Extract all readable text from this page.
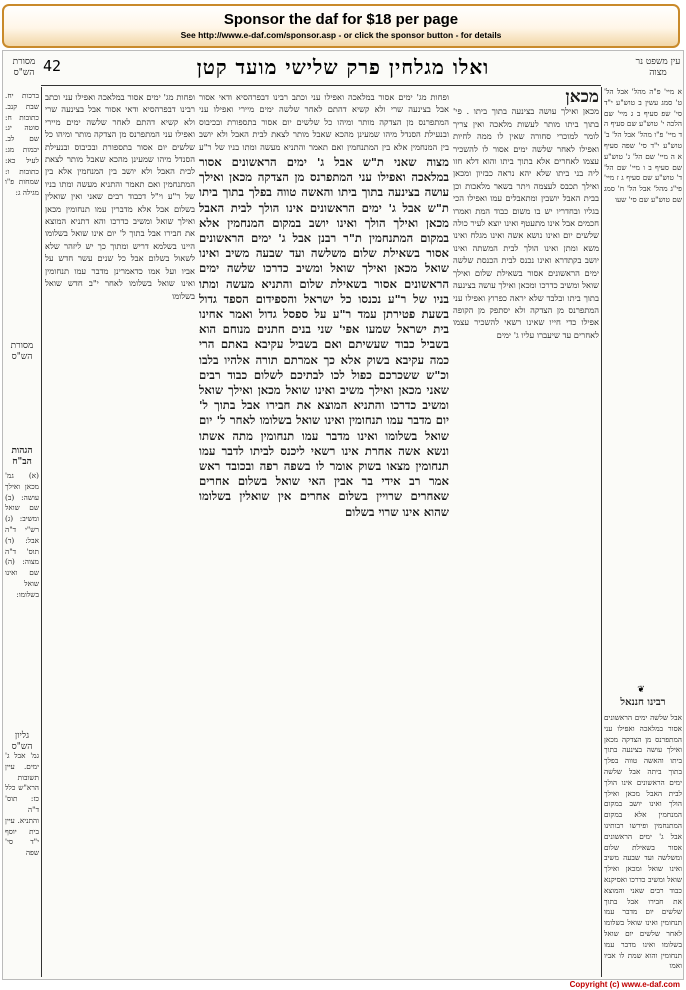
Sponsor the daf for $18 per page
See http://www.e-daf.com/sponsor.asp - or click the sponsor button - for details
מסורת הש"ס 42	ואלו מגלחין פרק שלישי מועד קטן	עין משפט נר מצוה

ברכות יח. שבת קנב. כתובות ח: סוטה יג: שם לב. יבמות מג: לעיל כא: כתובות ו: שמחות פ"ו מגילה ג:

מסורת הש"ס
הגהות הב"ח

(א) גמ' מכאן ואילך עושה: (ב) שם שואל ומשיב: (ג) רש"י ד"ה אבל: (ד) תוס' ד"ה מצוה: (ה) שם ואינו שואל בשלומו:

גליון הש"ס

גמ' אבל ג' ימים. עיין תשובות הרא"ש כלל כז: תוס' ד"ה והתניא. עיין בית יוסף י"ד סי' שפה

ופחות מג' ימים אסור במלאכה ואפילו עני וכתב רבינו דבפרהסיא ודאי אסור אבל בצינעה שרי ולא קשיא דהתם לאחר שלשה ימים מיירי ואפילו עני המתפרנס מן הצדקה מותר ומיהו כל שלשים יום אסור בתספורת ובכיבוס ובנעילת הסנדל מיהו שמעינן מהכא שאבל מותר לצאת לבית האבל ולא יושב בין המנחמין אלא בין המתנחמין ואם תאמר והתניא מעשה ומתו בניו של ר"ע וי"ל דכבוד רבים שאני ואין שואלין בשלום אבל אלא מדברין עמו תנחומין מכאן ואילך שואל ומשיב כדרכו והא דתניא המוצא את חבירו אבל בתוך ל' יום אינו שואל בשלומו היינו בשלמא דריש ומתוך כך יש ליזהר שלא לשאול בשלום אבל כל שנים עשר חדש על אביו ועל אמו כדאמרינן מדבר עמו תנחומין ואינו שואל בשלומו לאחר י"ב חדש שואל בשלומו

ופחות מג' ימים אסור במלאכה ואפילו עני וכתב רבינו דבפרהסיא ודאי אסור אבל בצינעה שרי ולא קשיא דהתם לאחר שלשה ימים מיירי ואפילו עני המתפרנס מן הצדקה מותר ומיהו כל שלשים יום אסור בתספורת ובכיבוס ובנעילת הסנדל מיהו שמעינן מהכא שאבל מותר לצאת לבית האבל ולא יושב בין המנחמין אלא בין המתנחמין ואם תאמר והתניא מעשה ומתו בניו של ר"ע

מצוה שאני ת"ש אבל ג' ימים הראשונים אסור במלאכה ואפילו עני המתפרנס מן הצדקה מכאן ואילך עושה בצינעה בתוך ביתו והאשה טווה בפלך בתוך ביתו ת"ש אבל ג' ימים הראשונים אינו הולך לבית האבל מכאן ואילך הולך ואינו יושב במקום המנחמין אלא במקום המתנחמין ת"ר רבנן אבל ג' ימים הראשונים אסור בשאילת שלום משלשה ועד שבעה משיב ואינו שואל מכאן ואילך שואל ומשיב כדרכו שלשה ימים הראשונים אסור בשאילת שלום והתניא מעשה ומתו בניו של ר"ע נכנסו כל ישראל והספידום הספד גדול בשעת פטירתן עמד ר"ע על ספסל גדול ואמר אחינו בית ישראל שמעו אפי' שני בנים חתנים מנוחם הוא בשביל כבוד שעשיתם ואם בשביל עקיבא באתם הרי כמה עקיבא בשוק אלא כך אמרתם תורה אלהיו בלבו וכ"ש ששכרכם כפול לכו לבתיכם לשלום כבוד רבים שאני מכאן ואילך משיב ואינו שואל מכאן ואילך שואל ומשיב כדרכו והתניא המוצא את חבירו אבל בתוך ל' יום מדבר עמו תנחומין ואינו שואל בשלומו לאחר ל' יום שואל בשלומו ואינו מדבר עמו תנחומין מתה אשתו ונשא אשה אחרת אינו רשאי ליכנס לביתו לדבר עמו תנחומין מצאו בשוק אומר לו בשפה רפה ובכובד ראש אמר רב אידי בר אבין האי שואל בשלום אחרים שאחרים שרויין בשלום אחרים אין שואלין בשלומו שהוא אינו שרוי בשלום

מכאן

מכאן ואילך עושה בצינעה בתוך ביתו . פי' בתוך ביתו מותר לעשות מלאכה ואין צריך לומר למוכרי סחורה שאין לו ממה לחיות ואפילו לאחר שלשה ימים אסור לו להשכיר עצמו לאחרים אלא בתוך ביתו והוא דלא חזו ליה בני ביתו שלא יהא נראה כבזיון ומכאן ואילך תכבס לעצמה ויתר בשאר מלאכות וכן בבית האבל יושבין ומתאבלים עמו ואפילו הכי בגליו ובחדריו יש בו משום כבוד המת ואמרו חכמים אבל אינו מתעטף ואינו יוצא לעיר כולה שלשים יום ואינו נושא אשה ואינו מגלח ואינו משא ומתן ואינו הולך לבית המשתה ואינו יושב בקתדרא ואינו נכנס לבית הכנסת שלשה ימים הראשונים אסור בשאילת שלום ואילך שואל ומשיב כדרכו ומכאן ואילך עושה בצינעה בתוך ביתו ובלבד שלא יראה כפרוץ ואפילו עני המתפרנס מן הצדקה ולא יסתפק מן הקופה אפילו כדי חייו שאינו רשאי להשכיר עצמו לאחרים עד שיעברו עליו ג' ימים

א מיי' פ"ה מהל' אבל הל' ט' סמג עשין ב טוש"ע י"ד סי' שפ סעיף ב ג מיי' שם הלכה י' טוש"ע שם סעיף ה ד מיי' פ"ו מהל' אבל הל' ב' טוש"ע י"ד סי' שפה סעיף א ה מיי' שם הל' ג' טוש"ע שם סעיף ב ו מיי' שם הל' ד' טוש"ע שם סעיף ג ז מיי' פי"ג מהל' אבל הל' ח' סמג שם טוש"ע שם סי' שעו

❦
רבינו חננאל

אבל שלשה ימים הראשונים אסור במלאכה ואפילו עני המתפרנס מן הצדקה מכאן ואילך עושה בצינעה בתוך ביתו והאשה טווה בפלך בתוך ביתה אבל שלשה ימים הראשונים אינו הולך לבית האבל מכאן ואילך הולך ואינו יושב במקום המנחמין אלא במקום המתנחמין ופירשו רבותינו אבל ג' ימים הראשונים אסור בשאילת שלום ומשלשה ועד שבעה משיב ואינו שואל ומכאן ואילך שואל ומשיב כדרכו ואסיקנא כבוד רבים שאני והמוצא את חבירו אבל בתוך שלשים יום מדבר עמו תנחומין ואינו שואל בשלומו לאחר שלשים יום שואל בשלומו ואינו מדבר עמו תנחומין והוא שמת לו אביו ואמו

Copyright (c) www.e-daf.com
